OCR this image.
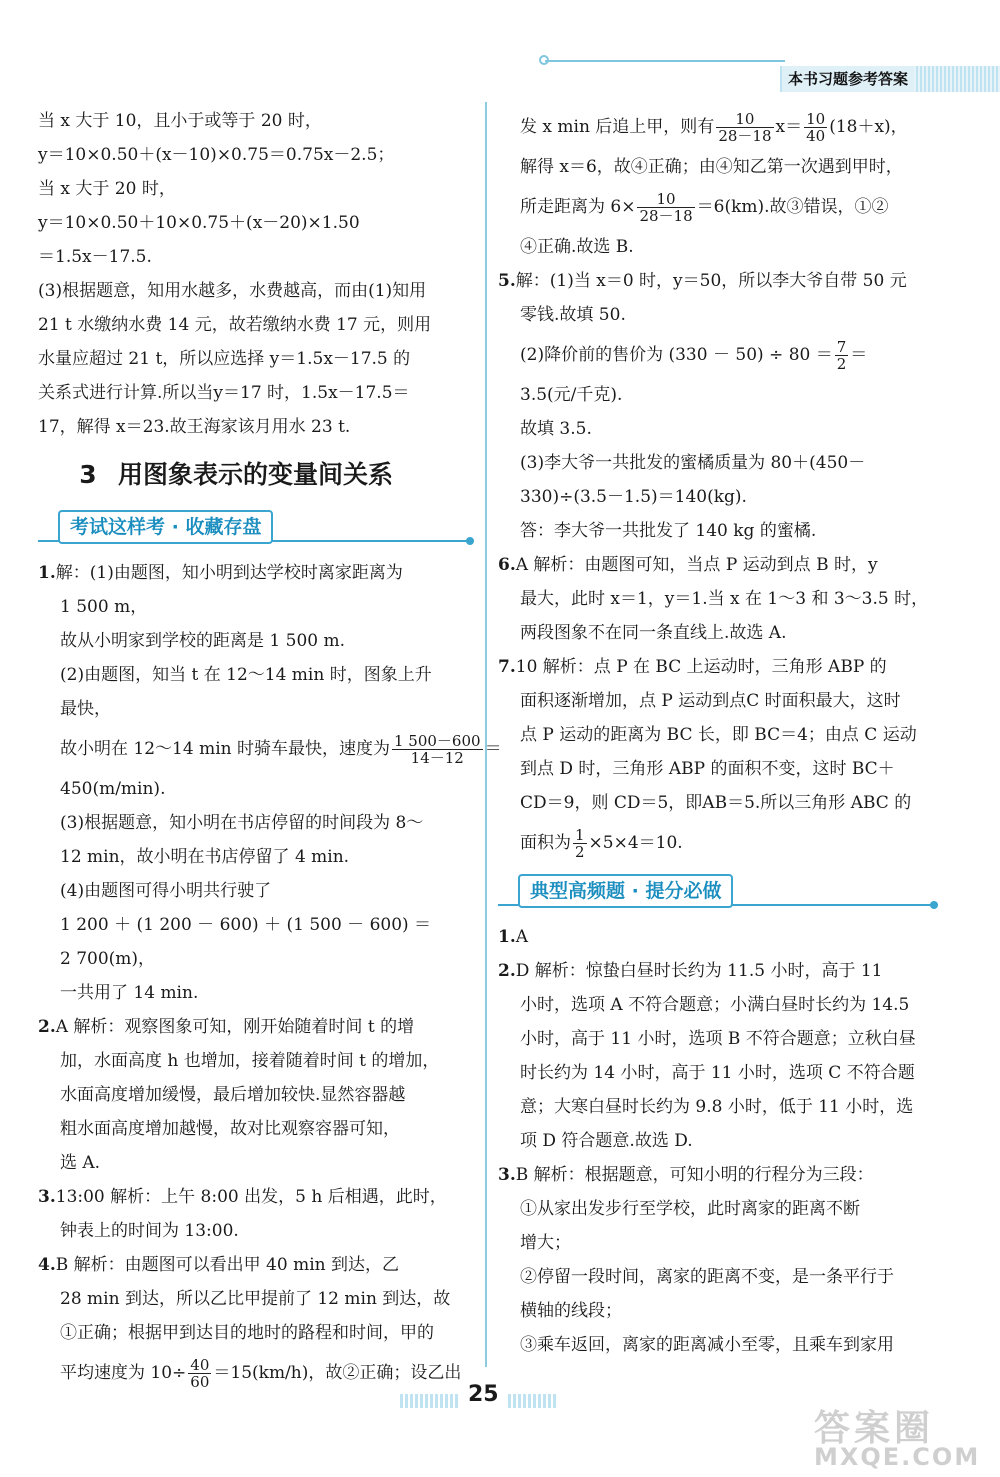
本书习题参考答案
当 x 大于 10，且小于或等于 20 时，
y＝10×0.50＋(x－10)×0.75＝0.75x－2.5；
当 x 大于 20 时，
y＝10×0.50＋10×0.75＋(x－20)×1.50
＝1.5x－17.5.
(3)根据题意，知用水越多，水费越高，而由(1)知用
21 t 水缴纳水费 14 元，故若缴纳水费 17 元，则用
水量应超过 21 t，所以应选择 y＝1.5x－17.5 的
关系式进行计算.所以当y＝17 时，1.5x－17.5＝
17，解得 x＝23.故王海家该月用水 23 t.
3 用图象表示的变量间关系
考试这样考 · 收藏存盘
1.解：(1)由题图，知小明到达学校时离家距离为
1 500 m，
故从小明家到学校的距离是 1 500 m.
(2)由题图，知当 t 在 12～14 min 时，图象上升
最快，
故小明在 12～14 min 时骑车最快，速度为 $\frac{1 500-600}{14-12}$ ＝
450(m/min).
(3)根据题意，知小明在书店停留的时间段为 8～
12 min，故小明在书店停留了 4 min.
(4)由题图可得小明共行驶了
1 200 ＋ (1 200 － 600) ＋ (1 500 － 600) ＝
2 700(m)，
一共用了 14 min.
2.A 解析：观察图象可知，刚开始随着时间 t 的增
加，水面高度 h 也增加，接着随着时间 t 的增加，
水面高度增加缓慢，最后增加较快.显然容器越
粗水面高度增加越慢，故对比观察容器可知，
选 A.
3.13:00 解析：上午 8:00 出发，5 h 后相遇，此时，
钟表上的时间为 13:00.
4.B 解析：由题图可以看出甲 40 min 到达，乙
28 min 到达，所以乙比甲提前了 12 min 到达，故
①正确；根据甲到达目的地时的路程和时间，甲的
平均速度为 $10\div \frac{40}{60} =15(km/h)$，故②正确；设乙出
发 x min 后追上甲，则有 $\frac{10}{28-18} x= \frac{10}{40} (18+x)$，
解得 x＝6，故④正确；由④知乙第一次遇到甲时，
所走距离为 $6\times \frac{10}{28-18} =6(km)$.故③错误，①②
④正确.故选 B.
5.解：(1)当 x＝0 时，y＝50，所以李大爷自带 50 元
零钱.故填 50.
(2)降价前的售价为 $(330 - 50) \div 80 = \frac{7}{2}$ ＝
3.5(元/千克).
故填 3.5.
(3)李大爷一共批发的蜜橘质量为 80＋(450－
330)÷(3.5－1.5)＝140(kg).
答：李大爷一共批发了 140 kg 的蜜橘.
6.A 解析：由题图可知，当点 P 运动到点 B 时，y
最大，此时 x＝1，y＝1.当 x 在 1～3 和 3～3.5 时，
两段图象不在同一条直线上.故选 A.
7.10 解析：点 P 在 BC 上运动时，三角形 ABP 的
面积逐渐增加，点 P 运动到点C 时面积最大，这时
点 P 运动的距离为 BC 长，即 BC＝4；由点 C 运动
到点 D 时，三角形 ABP 的面积不变，这时 BC＋
CD＝9，则 CD＝5，即AB＝5.所以三角形 ABC 的
面积为 $\frac{1}{2} \times 5\times 4=10$.
典型高频题 · 提分必做
1.A
2.D 解析：惊蛰白昼时长约为 11.5 小时，高于 11
小时，选项 A 不符合题意；小满白昼时长约为 14.5
小时，高于 11 小时，选项 B 不符合题意；立秋白昼
时长约为 14 小时，高于 11 小时，选项 C 不符合题
意；大寒白昼时长约为 9.8 小时，低于 11 小时，选
项 D 符合题意.故选 D.
3.B 解析：根据题意，可知小明的行程分为三段：
①从家出发步行至学校，此时离家的距离不断
增大；
②停留一段时间，离家的距离不变，是一条平行于
横轴的线段；
③乘车返回，离家的距离减小至零，且乘车到家用
25
答案圈
MXQE.COM
